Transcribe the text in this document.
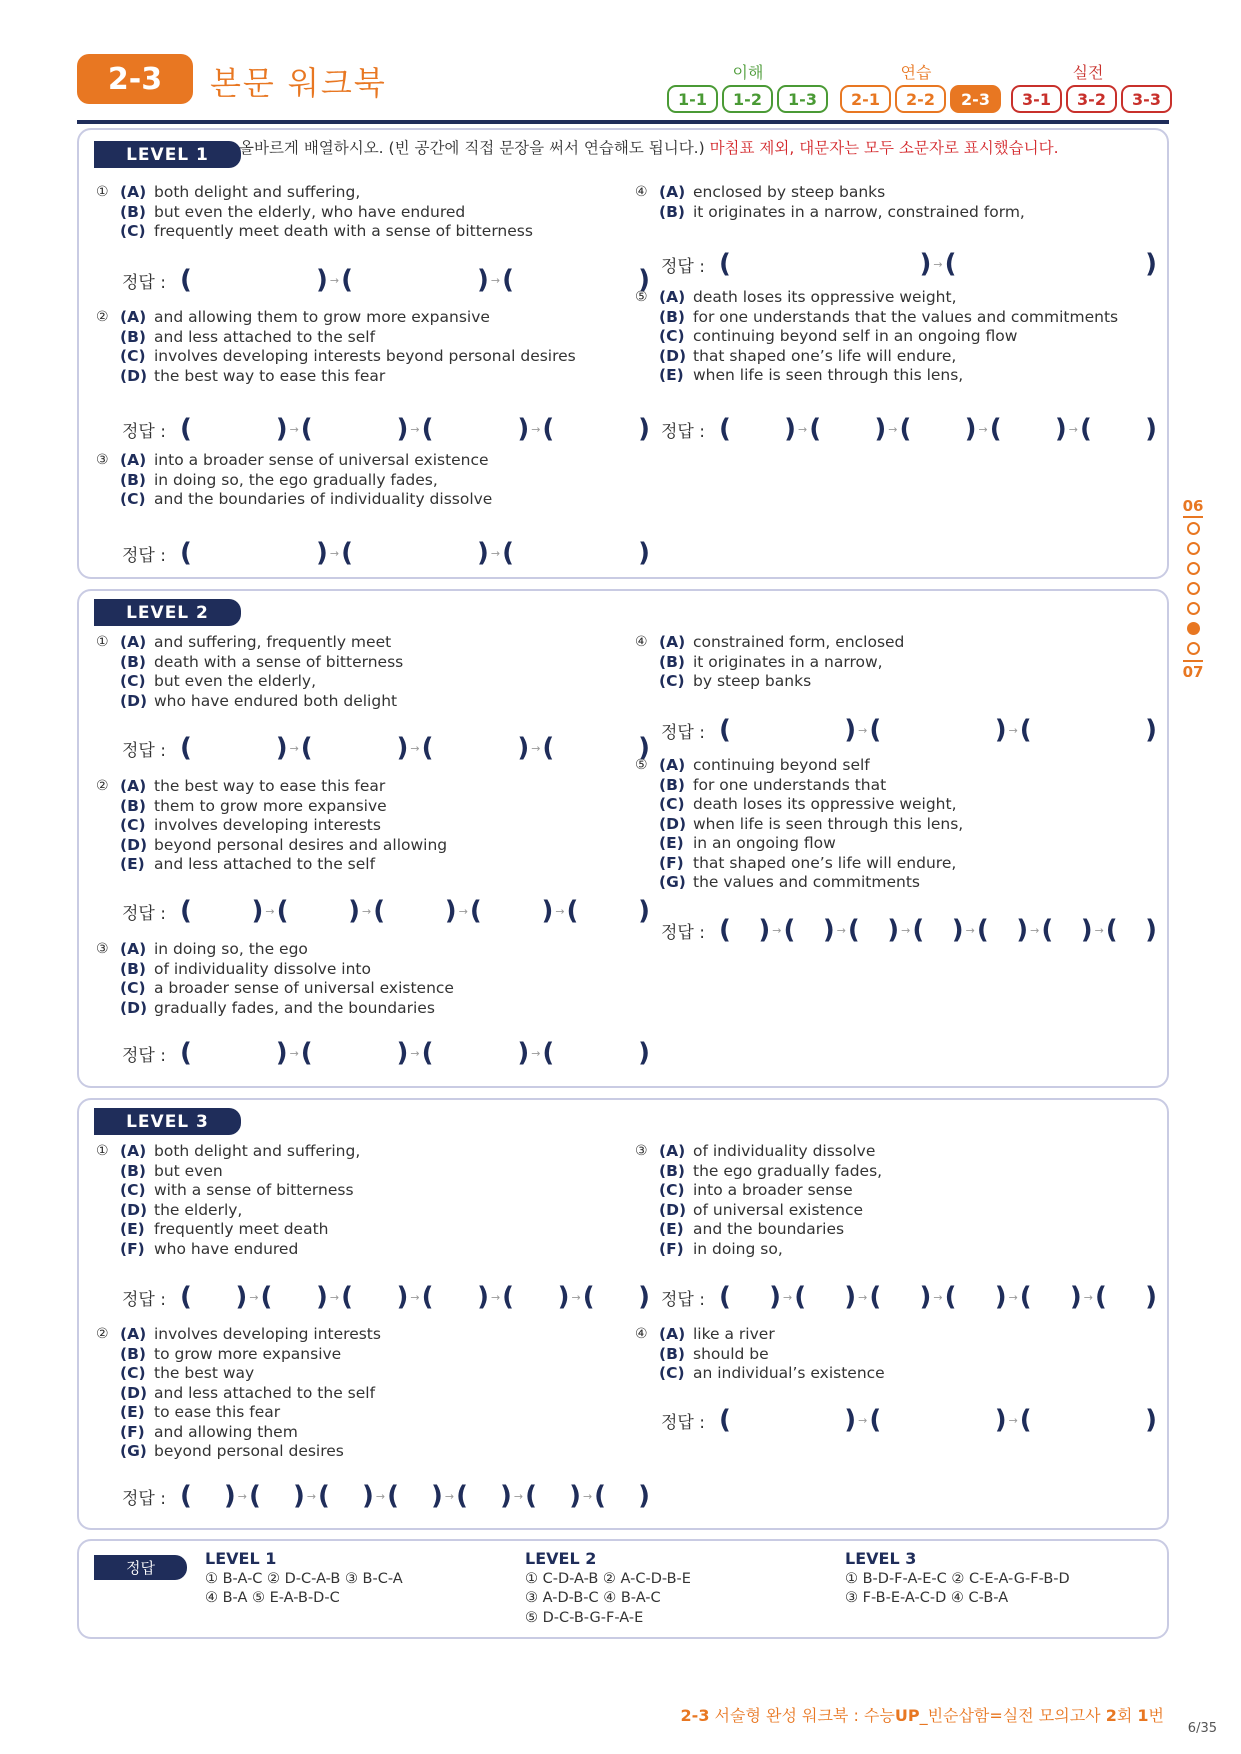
2-3	본문 워크북	이해	연습	실전
1-1	1-2	1-3	2-1	2-2	2-3	3-1	3-2	3-3
LEVEL 1	올바르게 배열하시오. (빈 공간에 직접 문장을 써서 연습해도 됩니다.) 마침표 제외, 대문자는 모두 소문자로 표시했습니다.
① (A) both delight and suffering,
(B) but even the elderly, who have endured
(C) frequently meet death with a sense of bitterness
정답 : (	) → (	) → (	)
② (A) and allowing them to grow more expansive
(B) and less attached to the self
(C) involves developing interests beyond personal desires
(D) the best way to ease this fear
정답 : (	) → (	) → (	) → (	)
③ (A) into a broader sense of universal existence
(B) in doing so, the ego gradually fades,
(C) and the boundaries of individuality dissolve
정답 : (	) → (	) → (	)
④ (A) enclosed by steep banks
(B) it originates in a narrow, constrained form,
정답 : (	) → (	)
⑤ (A) death loses its oppressive weight,
(B) for one understands that the values and commitments
(C) continuing beyond self in an ongoing flow
(D) that shaped one’s life will endure,
(E) when life is seen through this lens,
정답 : ( ) → ( ) → ( ) → ( ) → ( )
LEVEL 2
① (A) and suffering, frequently meet
(B) death with a sense of bitterness
(C) but even the elderly,
(D) who have endured both delight
정답 : (	) → (	) → (	) → (	)
② (A) the best way to ease this fear
(B) them to grow more expansive
(C) involves developing interests
(D) beyond personal desires and allowing
(E) and less attached to the self
정답 : ( ) → ( ) → ( ) → ( ) → ( )
③ (A) in doing so, the ego
(B) of individuality dissolve into
(C) a broader sense of universal existence
(D) gradually fades, and the boundaries
정답 : (	) → (	) → (	) → (	)
④ (A) constrained form, enclosed
(B) it originates in a narrow,
(C) by steep banks
정답 : (	) → (	) → (	)
⑤ (A) continuing beyond self
(B) for one understands that
(C) death loses its oppressive weight,
(D) when life is seen through this lens,
(E) in an ongoing flow
(F) that shaped one’s life will endure,
(G) the values and commitments
정답 : ( ) → ( ) → ( ) → ( ) → ( ) → ( ) → ( )
LEVEL 3
① (A) both delight and suffering,
(B) but even
(C) with a sense of bitterness
(D) the elderly,
(E) frequently meet death
(F) who have endured
정답 : ( ) → ( ) → ( ) → ( ) → ( ) → ( )
② (A) involves developing interests
(B) to grow more expansive
(C) the best way
(D) and less attached to the self
(E) to ease this fear
(F) and allowing them
(G) beyond personal desires
정답 : ( ) → ( ) → ( ) → ( ) → ( ) → ( ) → ( )
③ (A) of individuality dissolve
(B) the ego gradually fades,
(C) into a broader sense
(D) of universal existence
(E) and the boundaries
(F) in doing so,
정답 : ( ) → ( ) → ( ) → ( ) → ( ) → ( )
④ (A) like a river
(B) should be
(C) an individual’s existence
정답 : (	) → (	) → (	)
정답	LEVEL 1
① B-A-C ② D-C-A-B ③ B-C-A
④ B-A ⑤ E-A-B-D-C
LEVEL 2
① C-D-A-B ② A-C-D-B-E
③ A-D-B-C ④ B-A-C
⑤ D-C-B-G-F-A-E
LEVEL 3
① B-D-F-A-E-C ② C-E-A-G-F-B-D
③ F-B-E-A-C-D ④ C-B-A
06
07
2-3 서술형 완성 워크북 : 수능UP_빈순삽함=실전 모의고사 2회 1번
6/35
